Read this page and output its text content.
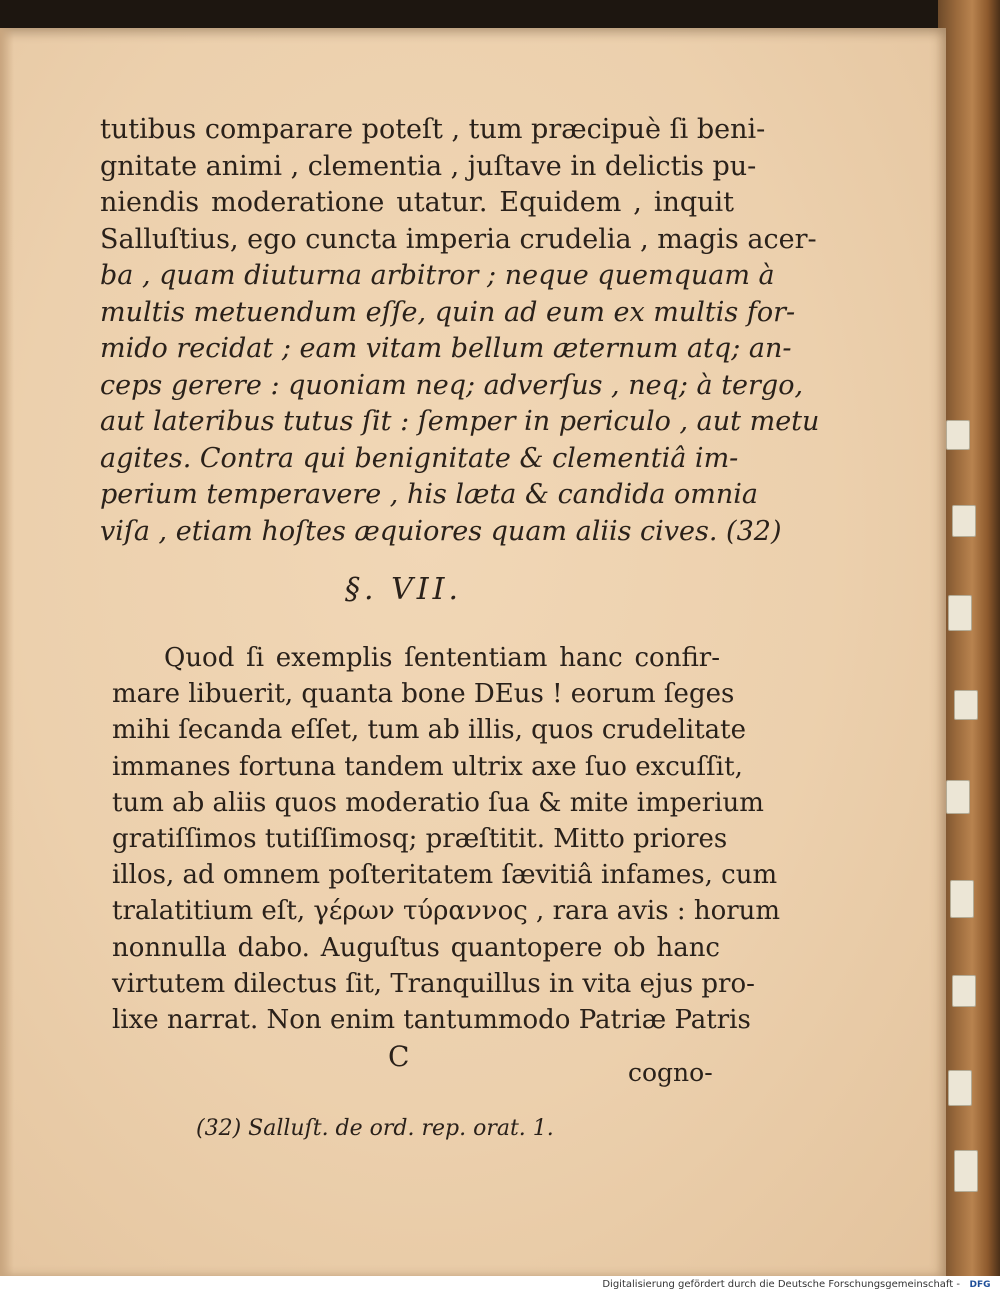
tutibus comparare poteſt , tum præcipuè ſi beni-
gnitate animi , clementia , juſtave in delictis pu-
niendis moderatione utatur. Equidem , inquit
Salluſtius, ego cuncta imperia crudelia , magis acer-
ba , quam diuturna arbitror ; neque quemquam à
multis metuendum eſſe, quin ad eum ex multis for-
mido recidat ; eam vitam bellum æternum atq; an-
ceps gerere : quoniam neq; adverſus , neq; à tergo,
aut lateribus tutus ſit : ſemper in periculo , aut metu
agites. Contra qui benignitate & clementiâ im-
perium temperavere , his læta & candida omnia
viſa , etiam hoſtes æquiores quam aliis cives. (32)
§. VII.
Quod ſi exemplis ſententiam hanc confir-
mare libuerit, quanta bone DEus ! eorum ſeges
mihi ſecanda eſſet, tum ab illis, quos crudelitate
immanes fortuna tandem ultrix axe ſuo excuſſit,
tum ab aliis quos moderatio ſua & mite imperium
gratiſſimos tutiſſimosq; præſtitit. Mitto priores
illos, ad omnem poſteritatem ſævitiâ infames, cum
tralatitium eſt, γέρων τύραννος , rara avis : horum
nonnulla dabo. Auguſtus quantopere ob hanc
virtutem dilectus ſit, Tranquillus in vita ejus pro-
lixe narrat. Non enim tantummodo Patriæ Patris
C	cogno-
(32) Salluſt. de ord. rep. orat. 1.
Digitalisierung gefördert durch die Deutsche Forschungsgemeinschaft -	DFG
